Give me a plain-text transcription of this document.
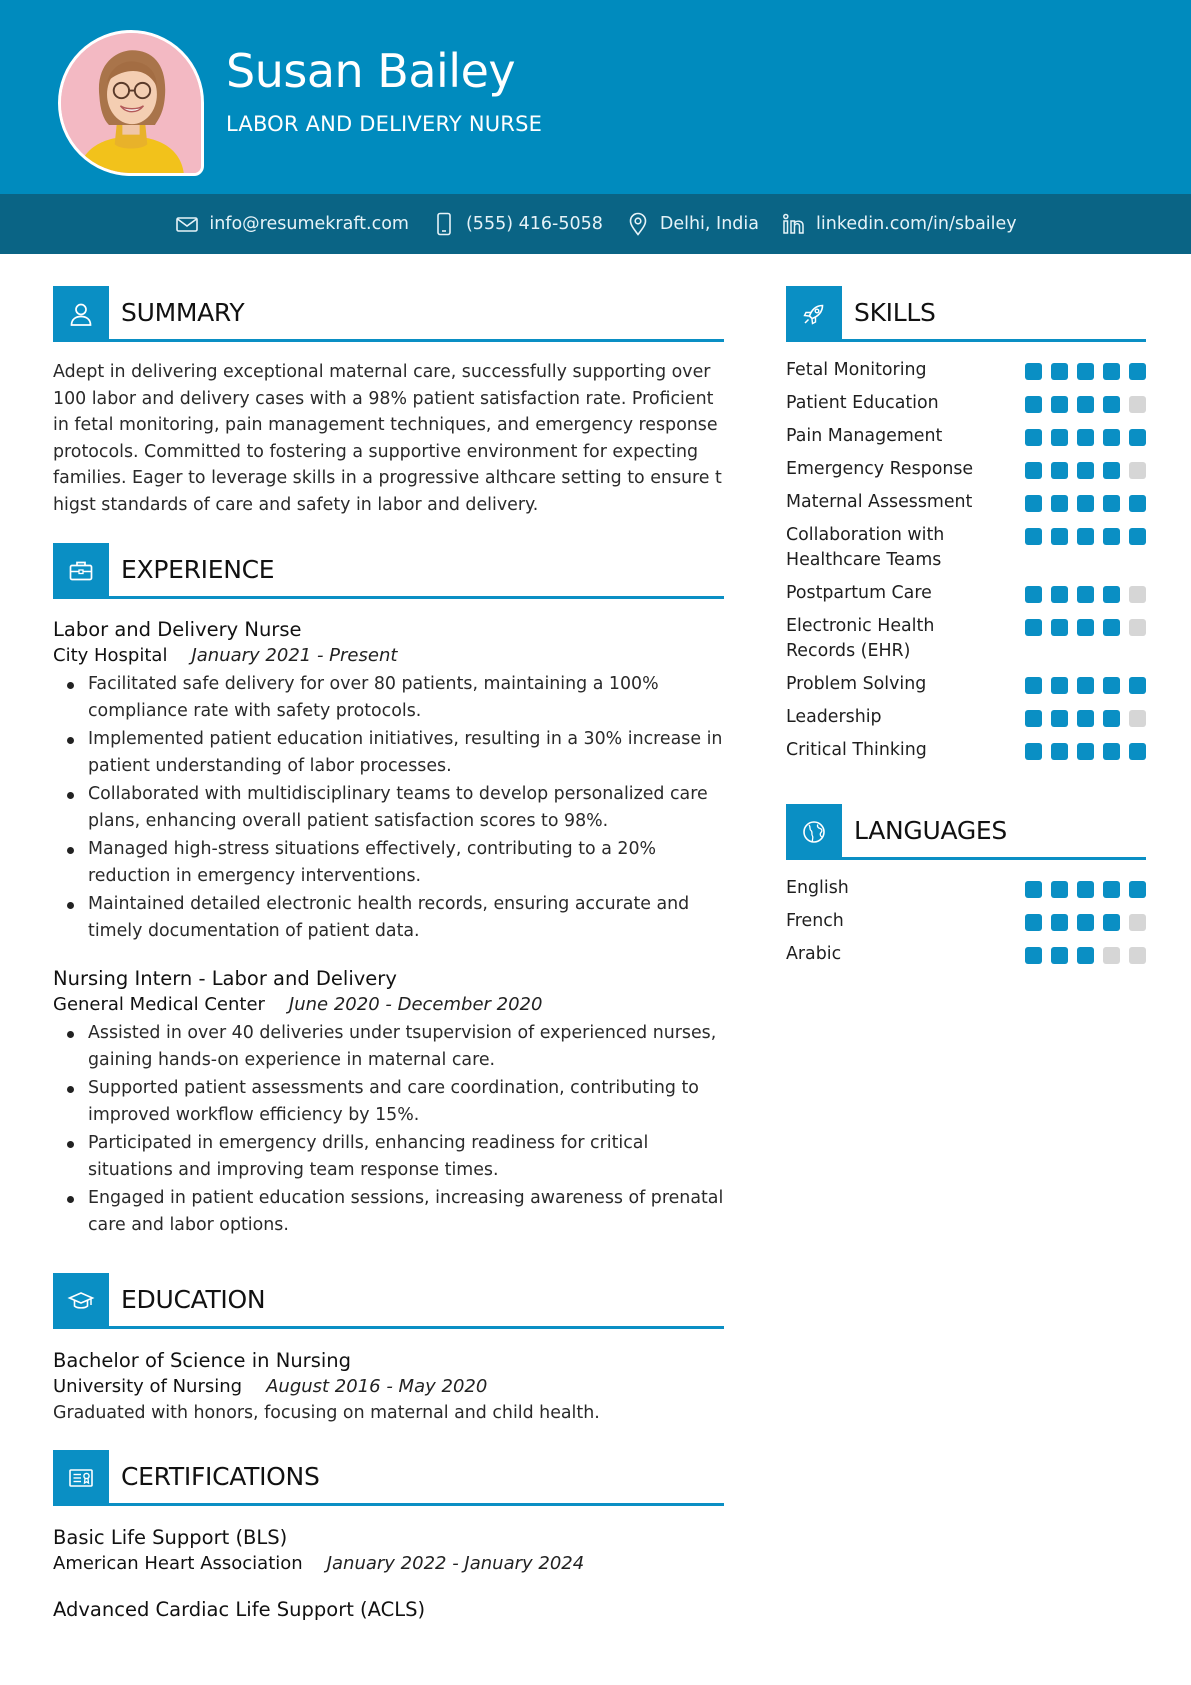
Susan Bailey
LABOR AND DELIVERY NURSE
info@resumekraft.com	(555) 416-5058	Delhi, India	linkedin.com/in/sbailey
SUMMARY
Adept in delivering exceptional maternal care, successfully supporting over 100 labor and delivery cases with a 98% patient satisfaction rate. Proficient in fetal monitoring, pain management techniques, and emergency response protocols. Committed to fostering a supportive environment for expecting families. Eager to leverage skills in a progressive althcare setting to ensure t higst standards of care and safety in labor and delivery.
EXPERIENCE
Labor and Delivery Nurse
City Hospital January 2021 - Present
Facilitated safe delivery for over 80 patients, maintaining a 100% compliance rate with safety protocols.
Implemented patient education initiatives, resulting in a 30% increase in patient understanding of labor processes.
Collaborated with multidisciplinary teams to develop personalized care plans, enhancing overall patient satisfaction scores to 98%.
Managed high-stress situations effectively, contributing to a 20% reduction in emergency interventions.
Maintained detailed electronic health records, ensuring accurate and timely documentation of patient data.
Nursing Intern - Labor and Delivery
General Medical Center June 2020 - December 2020
Assisted in over 40 deliveries under tsupervision of experienced nurses, gaining hands-on experience in maternal care.
Supported patient assessments and care coordination, contributing to improved workflow efficiency by 15%.
Participated in emergency drills, enhancing readiness for critical situations and improving team response times.
Engaged in patient education sessions, increasing awareness of prenatal care and labor options.
EDUCATION
Bachelor of Science in Nursing
University of Nursing August 2016 - May 2020
Graduated with honors, focusing on maternal and child health.
CERTIFICATIONS
Basic Life Support (BLS)
American Heart Association January 2022 - January 2024
Advanced Cardiac Life Support (ACLS)
SKILLS
Fetal Monitoring
Patient Education
Pain Management
Emergency Response
Maternal Assessment
Collaboration with Healthcare Teams
Postpartum Care
Electronic Health Records (EHR)
Problem Solving
Leadership
Critical Thinking
LANGUAGES
English
French
Arabic
